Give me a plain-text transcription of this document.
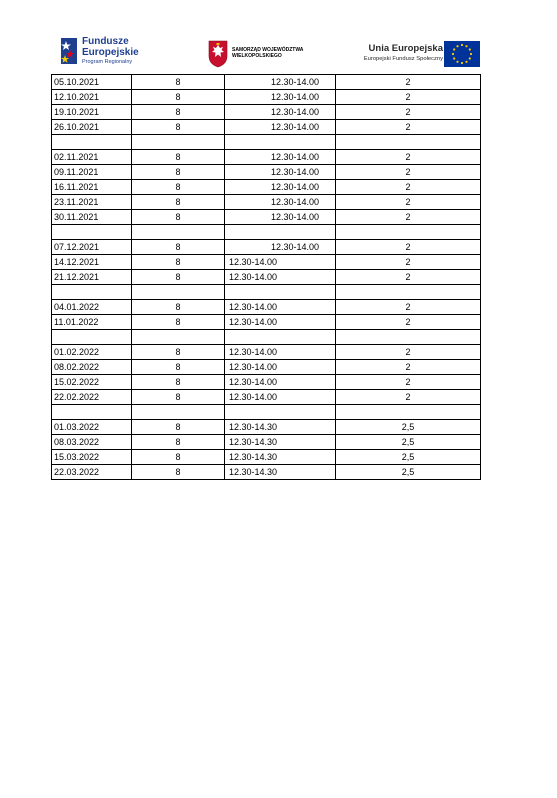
Fundusze
Europejskie
Program Regionalny
SAMORZĄD WOJEWÓDZTWA
WIELKOPOLSKIEGO
Unia Europejska
Europejski Fundusz Społeczny
05.10.2021	8	12.30-14.00	2
12.10.2021	8	12.30-14.00	2
19.10.2021	8	12.30-14.00	2
26.10.2021	8	12.30-14.00	2

02.11.2021	8	12.30-14.00	2
09.11.2021	8	12.30-14.00	2
16.11.2021	8	12.30-14.00	2
23.11.2021	8	12.30-14.00	2
30.11.2021	8	12.30-14.00	2

07.12.2021	8	12.30-14.00	2
14.12.2021	8	12.30-14.00	2
21.12.2021	8	12.30-14.00	2

04.01.2022	8	12.30-14.00	2
11.01.2022	8	12.30-14.00	2

01.02.2022	8	12.30-14.00	2
08.02.2022	8	12.30-14.00	2
15.02.2022	8	12.30-14.00	2
22.02.2022	8	12.30-14.00	2

01.03.2022	8	12.30-14.30	2,5
08.03.2022	8	12.30-14.30	2,5
15.03.2022	8	12.30-14.30	2,5
22.03.2022	8	12.30-14.30	2,5
